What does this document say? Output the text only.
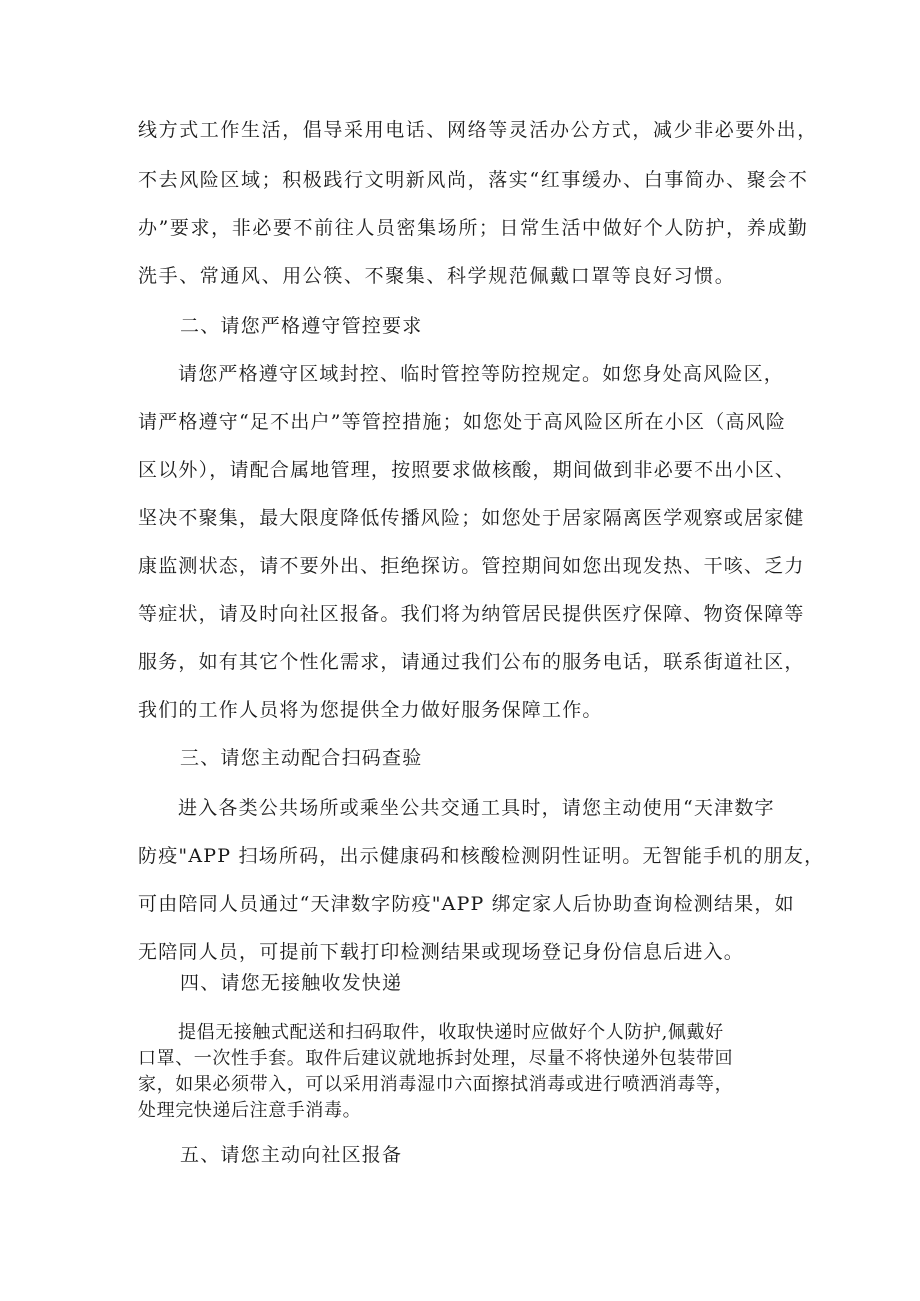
线方式工作生活，倡导采用电话、网络等灵活办公方式，减少非必要外出，
不去风险区域；积极践行文明新风尚，落实“红事缓办、白事简办、聚会不
办”要求，非必要不前往人员密集场所；日常生活中做好个人防护，养成勤
洗手、常通风、用公筷、不聚集、科学规范佩戴口罩等良好习惯。
二、请您严格遵守管控要求
请您严格遵守区域封控、临时管控等防控规定。如您身处高风险区，
请严格遵守“足不出户”等管控措施；如您处于高风险区所在小区（高风险
区以外），请配合属地管理，按照要求做核酸，期间做到非必要不出小区、
坚决不聚集，最大限度降低传播风险；如您处于居家隔离医学观察或居家健
康监测状态，请不要外出、拒绝探访。管控期间如您出现发热、干咳、乏力
等症状，请及时向社区报备。我们将为纳管居民提供医疗保障、物资保障等
服务，如有其它个性化需求，请通过我们公布的服务电话，联系街道社区，
我们的工作人员将为您提供全力做好服务保障工作。
三、请您主动配合扫码查验
进入各类公共场所或乘坐公共交通工具时，请您主动使用“天津数字
防疫"APP 扫场所码，出示健康码和核酸检测阴性证明。无智能手机的朋友，
可由陪同人员通过“天津数字防疫"APP 绑定家人后协助查询检测结果，如
无陪同人员，可提前下载打印检测结果或现场登记身份信息后进入。
四、请您无接触收发快递
提倡无接触式配送和扫码取件，收取快递时应做好个人防护,佩戴好
口罩、一次性手套。取件后建议就地拆封处理，尽量不将快递外包装带回
家，如果必须带入，可以采用消毒湿巾六面擦拭消毒或进行喷洒消毒等，
处理完快递后注意手消毒。
五、请您主动向社区报备
